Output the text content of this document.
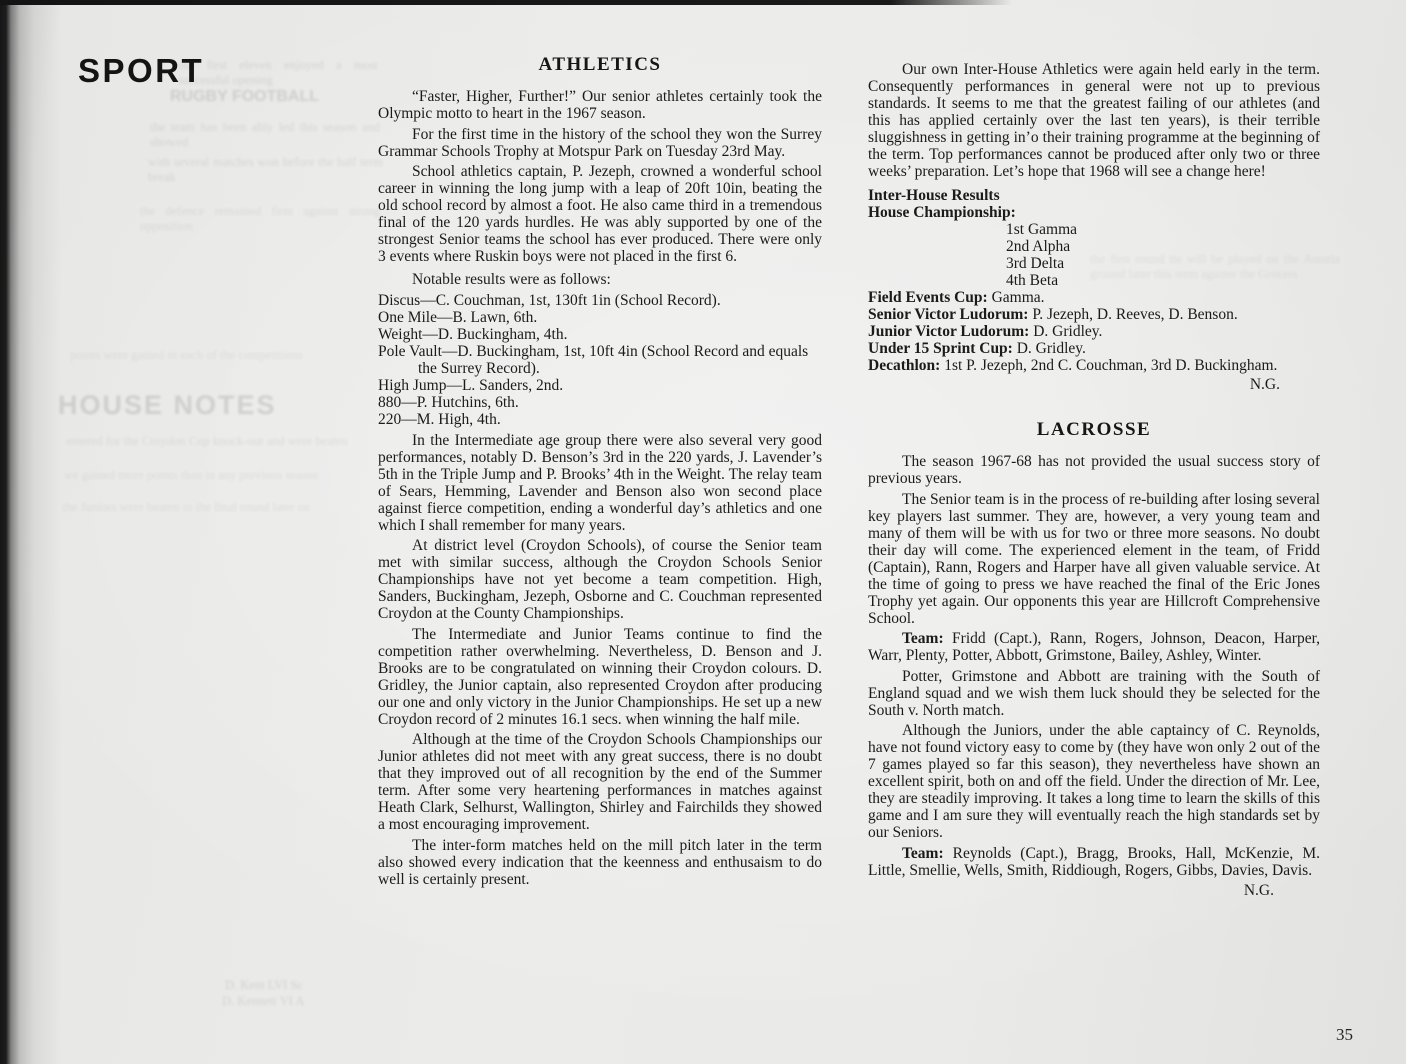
our first eleven enjoyed a most successful opening
RUGBY FOOTBALL
the team has been ably led this season and showed
with several matches won before the half term break
the defence remained firm against strong opposition
points were gained in each of the competitions
HOUSE NOTES
entered for the Croydon Cup knock-out and were beaten
we gained more points than in any previous season
the Juniors were beaten in the final round later on
D. Kent LVI Sc
D. Kennett VI A
the first round tie will be played on the Astoria ground later this term against the Grocers
SPORT	ATHLETICS

“Faster, Higher, Further!” Our senior athletes certainly took the Olympic motto to heart in the 1967 season.

For the first time in the history of the school they won the Surrey Grammar Schools Trophy at Motspur Park on Tuesday 23rd May.

School athletics captain, P. Jezeph, crowned a wonderful school career in winning the long jump with a leap of 20ft 10in, beating the old school record by almost a foot. He also came third in a tremendous final of the 120 yards hurdles. He was ably supported by one of the strongest Senior teams the school has ever produced. There were only 3 events where Ruskin boys were not placed in the first 6.

Notable results were as follows:

Discus—C. Couchman, 1st, 130ft 1in (School Record).

One Mile—B. Lawn, 6th.

Weight—D. Buckingham, 4th.

Pole Vault—D. Buckingham, 1st, 10ft 4in (School Record and equals the Surrey Record).

High Jump—L. Sanders, 2nd.

880—P. Hutchins, 6th.

220—M. High, 4th.

In the Intermediate age group there were also several very good performances, notably D. Benson’s 3rd in the 220 yards, J. Lavender’s 5th in the Triple Jump and P. Brooks’ 4th in the Weight. The relay team of Sears, Hemming, Lavender and Benson also won second place against fierce competition, ending a wonderful day’s athletics and one which I shall remember for many years.

At district level (Croydon Schools), of course the Senior team met with similar success, although the Croydon Schools Senior Championships have not yet become a team competition. High, Sanders, Buckingham, Jezeph, Osborne and C. Couchman represented Croydon at the County Championships.

The Intermediate and Junior Teams continue to find the competition rather overwhelming. Nevertheless, D. Benson and J. Brooks are to be congratulated on winning their Croydon colours. D. Gridley, the Junior captain, also represented Croydon after producing our one and only victory in the Junior Championships. He set up a new Croydon record of 2 minutes 16.1 secs. when winning the half mile.

Although at the time of the Croydon Schools Championships our Junior athletes did not meet with any great success, there is no doubt that they improved out of all recognition by the end of the Summer term. After some very heartening performances in matches against Heath Clark, Selhurst, Wallington, Shirley and Fairchilds they showed a most encouraging improvement.

The inter-form matches held on the mill pitch later in the term also showed every indication that the keenness and enthusaism to do well is certainly present.

Our own Inter-House Athletics were again held early in the term. Consequently performances in general were not up to previous standards. It seems to me that the greatest failing of our athletes (and this has applied certainly over the last ten years), is their terrible sluggishness in getting in’o their training programme at the beginning of the term. Top performances cannot be produced after only two or three weeks’ preparation. Let’s hope that 1968 will see a change here!

Inter-House Results

House Championship:

1st Gamma

2nd Alpha

3rd Delta

4th Beta

Field Events Cup: Gamma.

Senior Victor Ludorum: P. Jezeph, D. Reeves, D. Benson.

Junior Victor Ludorum: D. Gridley.

Under 15 Sprint Cup: D. Gridley.

Decathlon: 1st P. Jezeph, 2nd C. Couchman, 3rd D. Buckingham.

N.G.

LACROSSE

The season 1967-68 has not provided the usual success story of previous years.

The Senior team is in the process of re-building after losing several key players last summer. They are, however, a very young team and many of them will be with us for two or three more seasons. No doubt their day will come. The experienced element in the team, of Fridd (Captain), Rann, Rogers and Harper have all given valuable service. At the time of going to press we have reached the final of the Eric Jones Trophy yet again. Our opponents this year are Hillcroft Comprehensive School.

Team: Fridd (Capt.), Rann, Rogers, Johnson, Deacon, Harper, Warr, Plenty, Potter, Abbott, Grimstone, Bailey, Ashley, Winter.

Potter, Grimstone and Abbott are training with the South of England squad and we wish them luck should they be selected for the South v. North match.

Although the Juniors, under the able captaincy of C. Reynolds, have not found victory easy to come by (they have won only 2 out of the 7 games played so far this season), they nevertheless have shown an excellent spirit, both on and off the field. Under the direction of Mr. Lee, they are steadily improving. It takes a long time to learn the skills of this game and I am sure they will eventually reach the high standards set by our Seniors.

Team: Reynolds (Capt.), Bragg, Brooks, Hall, McKenzie, M. Little, Smellie, Wells, Smith, Riddiough, Rogers, Gibbs, Davies, Davis.

N.G.

35
